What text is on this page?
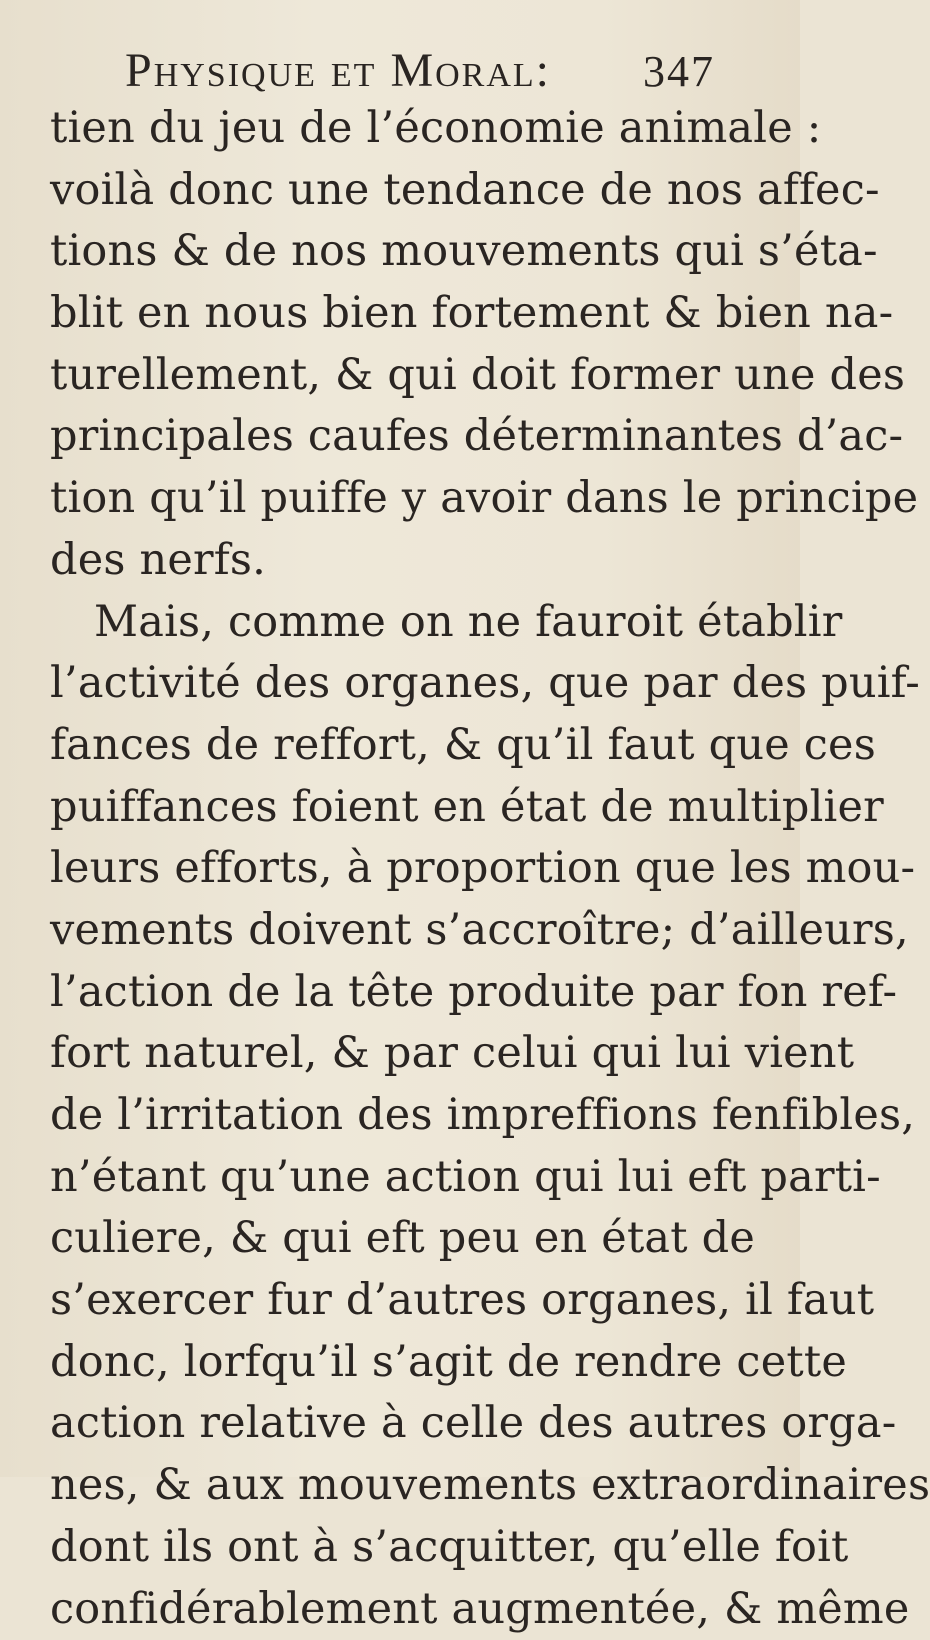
Physique et Moral: 347
tien du jeu de l’économie animale :
voilà donc une tendance de nos affec-
tions & de nos mouvements qui s’éta-
blit en nous bien fortement & bien na-
turellement, & qui doit former une des
principales caufes déterminantes d’ac-
tion qu’il puiffe y avoir dans le principe
des nerfs.
Mais, comme on ne fauroit établir
l’activité des organes, que par des puif-
fances de reffort, & qu’il faut que ces
puiffances foient en état de multiplier
leurs efforts, à proportion que les mou-
vements doivent s’accroître; d’ailleurs,
l’action de la tête produite par fon ref-
fort naturel, & par celui qui lui vient
de l’irritation des impreffions fenfibles,
n’étant qu’une action qui lui eft parti-
culiere, & qui eft peu en état de
s’exercer fur d’autres organes, il faut
donc, lorfqu’il s’agit de rendre cette
action relative à celle des autres orga-
nes, & aux mouvements extraordinaires
dont ils ont à s’acquitter, qu’elle foit
confidérablement augmentée, & même
